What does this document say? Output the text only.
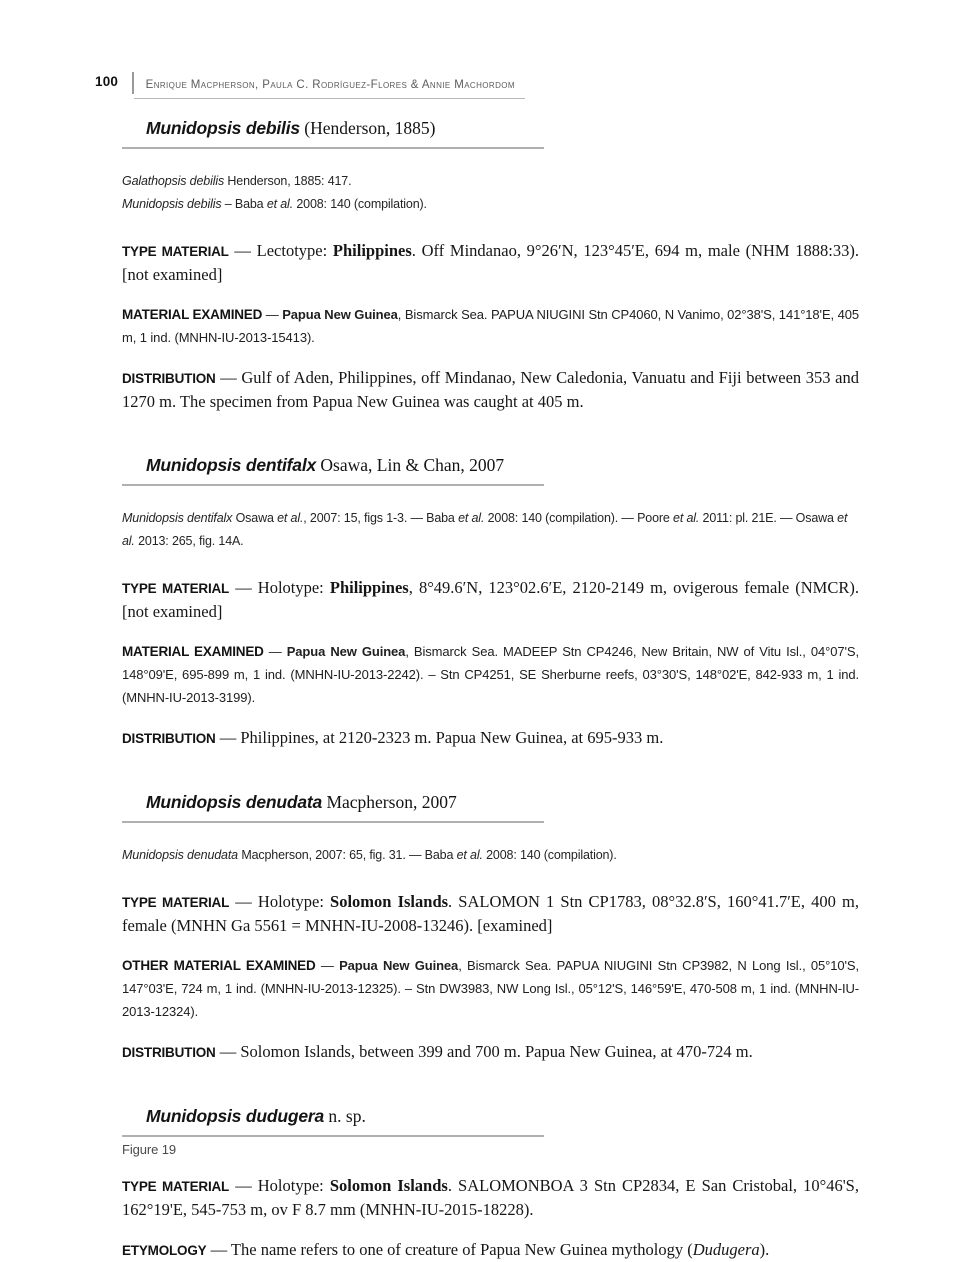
100	Enrique Macpherson, Paula C. Rodríguez-Flores & Annie Machordom
Munidopsis debilis (Henderson, 1885)
Galathopsis debilis Henderson, 1885: 417.
Munidopsis debilis – Baba et al. 2008: 140 (compilation).
TYPE MATERIAL — Lectotype: Philippines. Off Mindanao, 9°26′N, 123°45′E, 694 m, male (NHM 1888:33). [not examined]
MATERIAL EXAMINED — Papua New Guinea, Bismarck Sea. PAPUA NIUGINI Stn CP4060, N Vanimo, 02°38'S, 141°18'E, 405 m, 1 ind. (MNHN-IU-2013-15413).
DISTRIBUTION — Gulf of Aden, Philippines, off Mindanao, New Caledonia, Vanuatu and Fiji between 353 and 1270 m. The specimen from Papua New Guinea was caught at 405 m.
Munidopsis dentifalx Osawa, Lin & Chan, 2007
Munidopsis dentifalx Osawa et al., 2007: 15, figs 1-3. — Baba et al. 2008: 140 (compilation). — Poore et al. 2011: pl. 21E. — Osawa et al. 2013: 265, fig. 14A.
TYPE MATERIAL — Holotype: Philippines, 8°49.6′N, 123°02.6′E, 2120-2149 m, ovigerous female (NMCR). [not examined]
MATERIAL EXAMINED — Papua New Guinea, Bismarck Sea. MADEEP Stn CP4246, New Britain, NW of Vitu Isl., 04°07'S, 148°09'E, 695-899 m, 1 ind. (MNHN-IU-2013-2242). – Stn CP4251, SE Sherburne reefs, 03°30'S, 148°02'E, 842-933 m, 1 ind. (MNHN-IU-2013-3199).
DISTRIBUTION — Philippines, at 2120-2323 m. Papua New Guinea, at 695-933 m.
Munidopsis denudata Macpherson, 2007
Munidopsis denudata Macpherson, 2007: 65, fig. 31. — Baba et al. 2008: 140 (compilation).
TYPE MATERIAL — Holotype: Solomon Islands. SALOMON 1 Stn CP1783, 08°32.8′S, 160°41.7′E, 400 m, female (MNHN Ga 5561 = MNHN-IU-2008-13246). [examined]
OTHER MATERIAL EXAMINED — Papua New Guinea, Bismarck Sea. PAPUA NIUGINI Stn CP3982, N Long Isl., 05°10'S, 147°03'E, 724 m, 1 ind. (MNHN-IU-2013-12325). – Stn DW3983, NW Long Isl., 05°12'S, 146°59'E, 470-508 m, 1 ind. (MNHN-IU-2013-12324).
DISTRIBUTION — Solomon Islands, between 399 and 700 m. Papua New Guinea, at 470-724 m.
Munidopsis dudugera n. sp.
Figure 19
TYPE MATERIAL — Holotype: Solomon Islands. SALOMONBOA 3 Stn CP2834, E San Cristobal, 10°46'S, 162°19'E, 545-753 m, ov F 8.7 mm (MNHN-IU-2015-18228).
ETYMOLOGY — The name refers to one of creature of Papua New Guinea mythology (Dudugera).
